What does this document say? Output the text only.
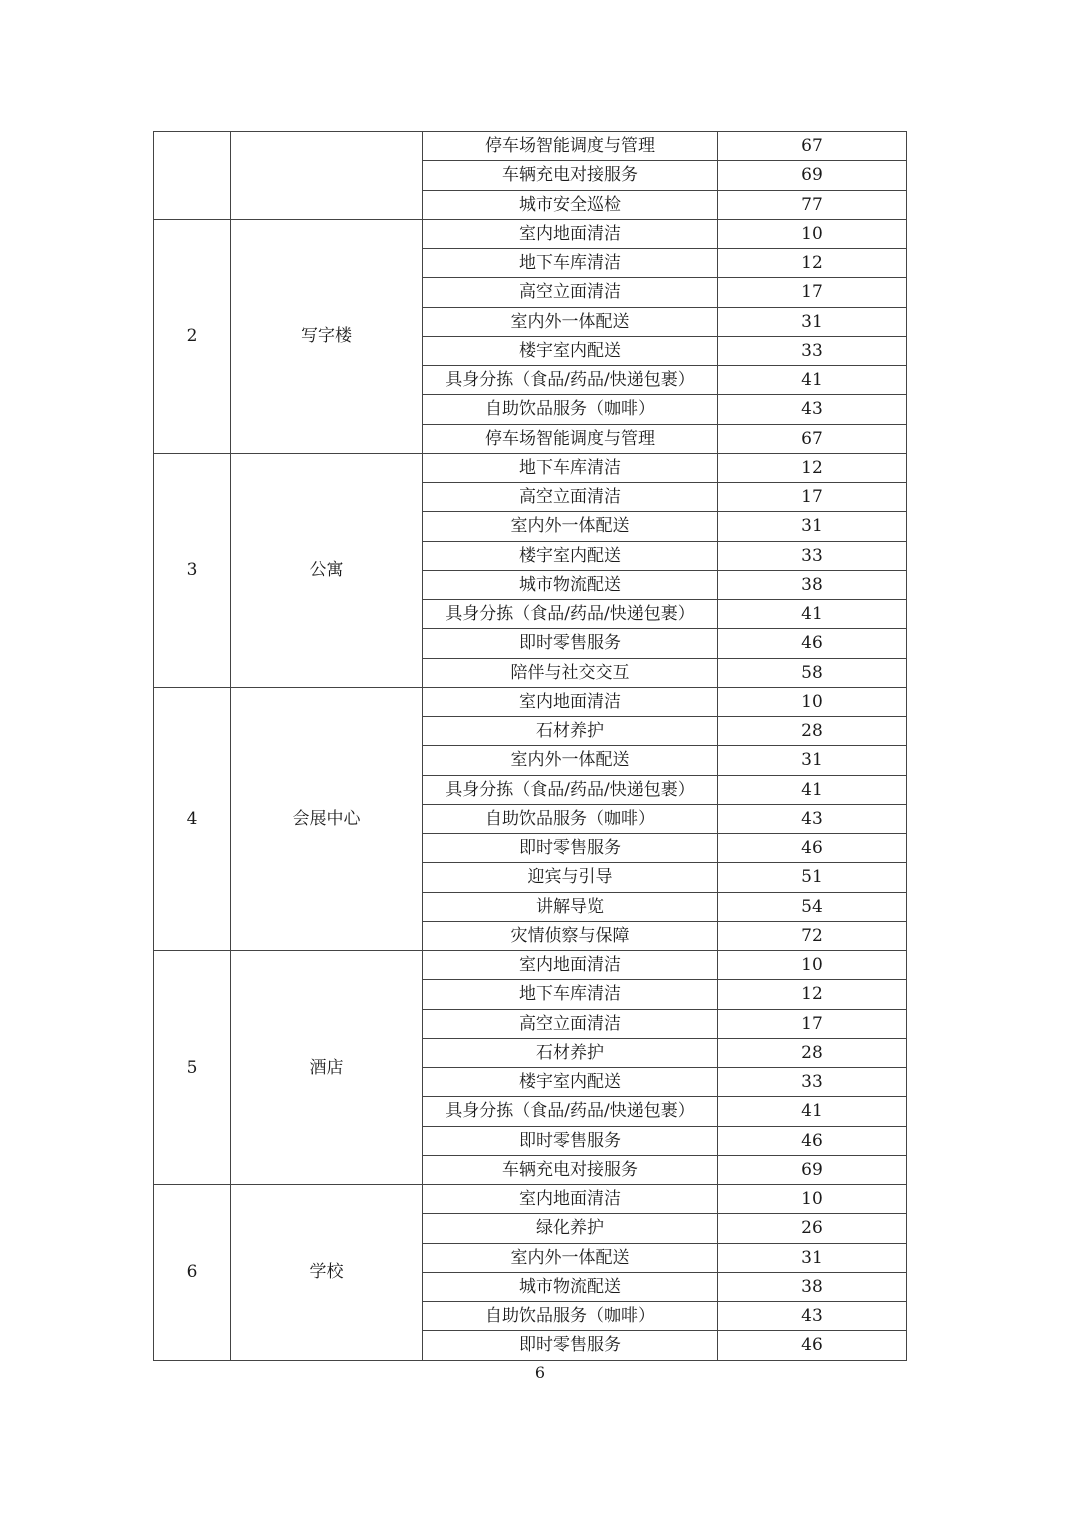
		停车场智能调度与管理	67
		车辆充电对接服务	69
		城市安全巡检	77
2	写字楼	室内地面清洁	10
		地下车库清洁	12
		高空立面清洁	17
		室内外一体配送	31
		楼宇室内配送	33
		具身分拣（食品/药品/快递包裹）	41
		自助饮品服务（咖啡）	43
		停车场智能调度与管理	67
3	公寓	地下车库清洁	12
		高空立面清洁	17
		室内外一体配送	31
		楼宇室内配送	33
		城市物流配送	38
		具身分拣（食品/药品/快递包裹）	41
		即时零售服务	46
		陪伴与社交交互	58
4	会展中心	室内地面清洁	10
		石材养护	28
		室内外一体配送	31
		具身分拣（食品/药品/快递包裹）	41
		自助饮品服务（咖啡）	43
		即时零售服务	46
		迎宾与引导	51
		讲解导览	54
		灾情侦察与保障	72
5	酒店	室内地面清洁	10
		地下车库清洁	12
		高空立面清洁	17
		石材养护	28
		楼宇室内配送	33
		具身分拣（食品/药品/快递包裹）	41
		即时零售服务	46
		车辆充电对接服务	69
6	学校	室内地面清洁	10
		绿化养护	26
		室内外一体配送	31
		城市物流配送	38
		自助饮品服务（咖啡）	43
		即时零售服务	46
6
